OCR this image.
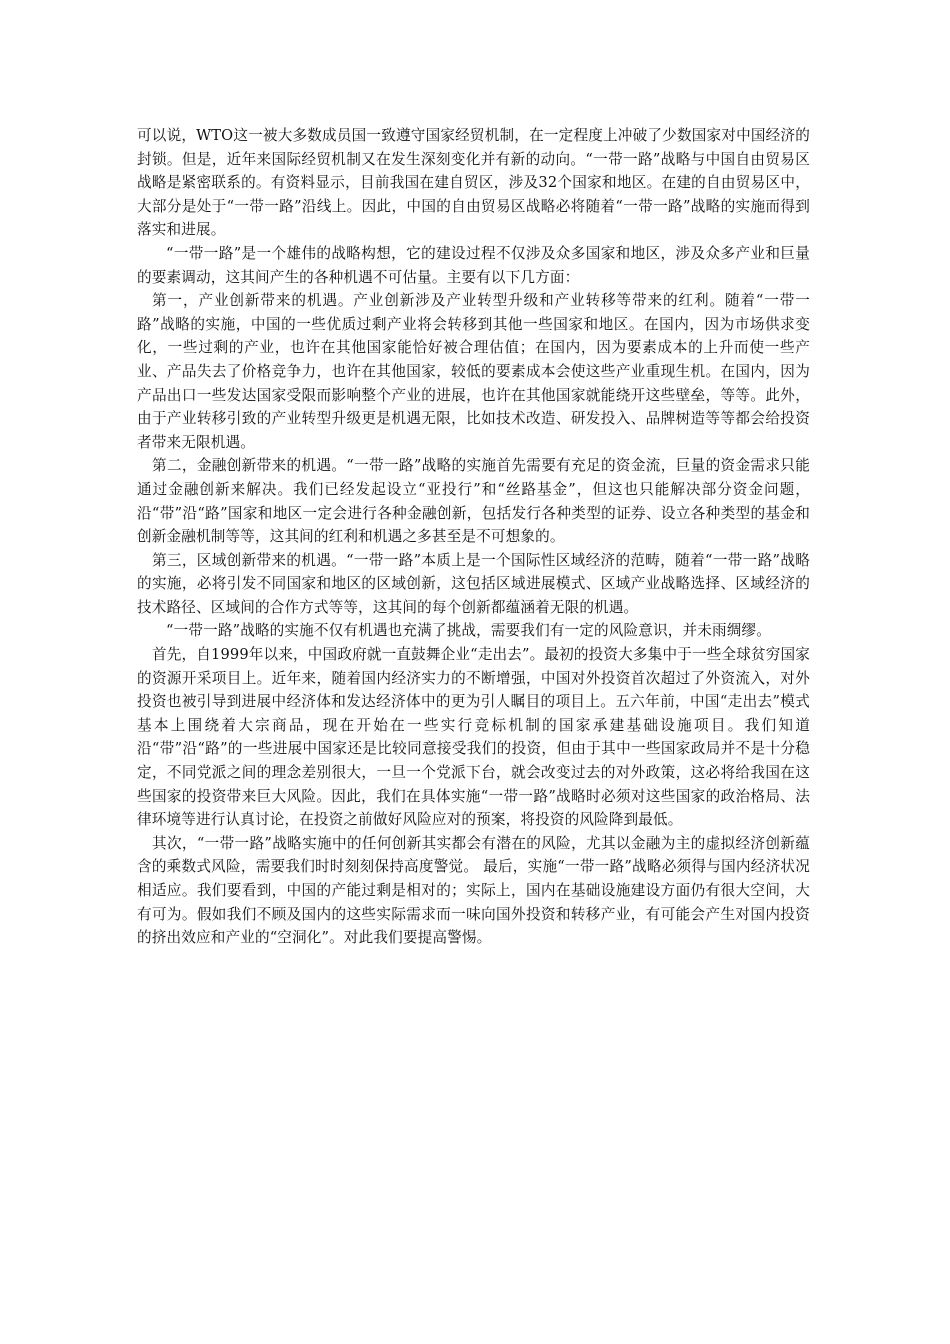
可以说，WTO这一被大多数成员国一致遵守国家经贸机制，在一定程度上冲破了少数国家对中国经济的封锁。但是，近年来国际经贸机制又在发生深刻变化并有新的动向。“一带一路”战略与中国自由贸易区战略是紧密联系的。有资料显示，目前我国在建自贸区，涉及32个国家和地区。在建的自由贸易区中，大部分是处于“一带一路”沿线上。因此，中国的自由贸易区战略必将随着“一带一路”战略的实施而得到落实和进展。

“一带一路”是一个雄伟的战略构想，它的建设过程不仅涉及众多国家和地区，涉及众多产业和巨量的要素调动，这其间产生的各种机遇不可估量。主要有以下几方面：

第一，产业创新带来的机遇。产业创新涉及产业转型升级和产业转移等带来的红利。随着“一带一路”战略的实施，中国的一些优质过剩产业将会转移到其他一些国家和地区。在国内，因为市场供求变化，一些过剩的产业，也许在其他国家能恰好被合理估值；在国内，因为要素成本的上升而使一些产业、产品失去了价格竞争力，也许在其他国家，较低的要素成本会使这些产业重现生机。在国内，因为产品出口一些发达国家受限而影响整个产业的进展，也许在其他国家就能绕开这些壁垒，等等。此外，由于产业转移引致的产业转型升级更是机遇无限，比如技术改造、研发投入、品牌树造等等都会给投资者带来无限机遇。

第二，金融创新带来的机遇。“一带一路”战略的实施首先需要有充足的资金流，巨量的资金需求只能通过金融创新来解决。我们已经发起设立“亚投行”和“丝路基金”，但这也只能解决部分资金问题，沿“带”沿“路”国家和地区一定会进行各种金融创新，包括发行各种类型的证券、设立各种类型的基金和创新金融机制等等，这其间的红利和机遇之多甚至是不可想象的。

第三，区域创新带来的机遇。“一带一路”本质上是一个国际性区域经济的范畴，随着“一带一路”战略的实施，必将引发不同国家和地区的区域创新，这包括区域进展模式、区域产业战略选择、区域经济的技术路径、区域间的合作方式等等，这其间的每个创新都蕴涵着无限的机遇。

“一带一路”战略的实施不仅有机遇也充满了挑战，需要我们有一定的风险意识，并未雨绸缪。

首先，自1999年以来，中国政府就一直鼓舞企业“走出去”。最初的投资大多集中于一些全球贫穷国家的资源开采项目上。近年来，随着国内经济实力的不断增强，中国对外投资首次超过了外资流入，对外投资也被引导到进展中经济体和发达经济体中的更为引人瞩目的项目上。五六年前，中国“走出去”模式基本上围绕着大宗商品，现在开始在一些实行竞标机制的国家承建基础设施项目。我们知道沿“带”沿“路”的一些进展中国家还是比较同意接受我们的投资，但由于其中一些国家政局并不是十分稳定，不同党派之间的理念差别很大，一旦一个党派下台，就会改变过去的对外政策，这必将给我国在这些国家的投资带来巨大风险。因此，我们在具体实施“一带一路”战略时必须对这些国家的政治格局、法律环境等进行认真讨论，在投资之前做好风险应对的预案，将投资的风险降到最低。

其次，“一带一路”战略实施中的任何创新其实都会有潜在的风险，尤其以金融为主的虚拟经济创新蕴含的乘数式风险，需要我们时时刻刻保持高度警觉。 最后，实施“一带一路”战略必须得与国内经济状况相适应。我们要看到，中国的产能过剩是相对的；实际上，国内在基础设施建设方面仍有很大空间，大有可为。假如我们不顾及国内的这些实际需求而一味向国外投资和转移产业，有可能会产生对国内投资的挤出效应和产业的“空洞化”。对此我们要提高警惕。
